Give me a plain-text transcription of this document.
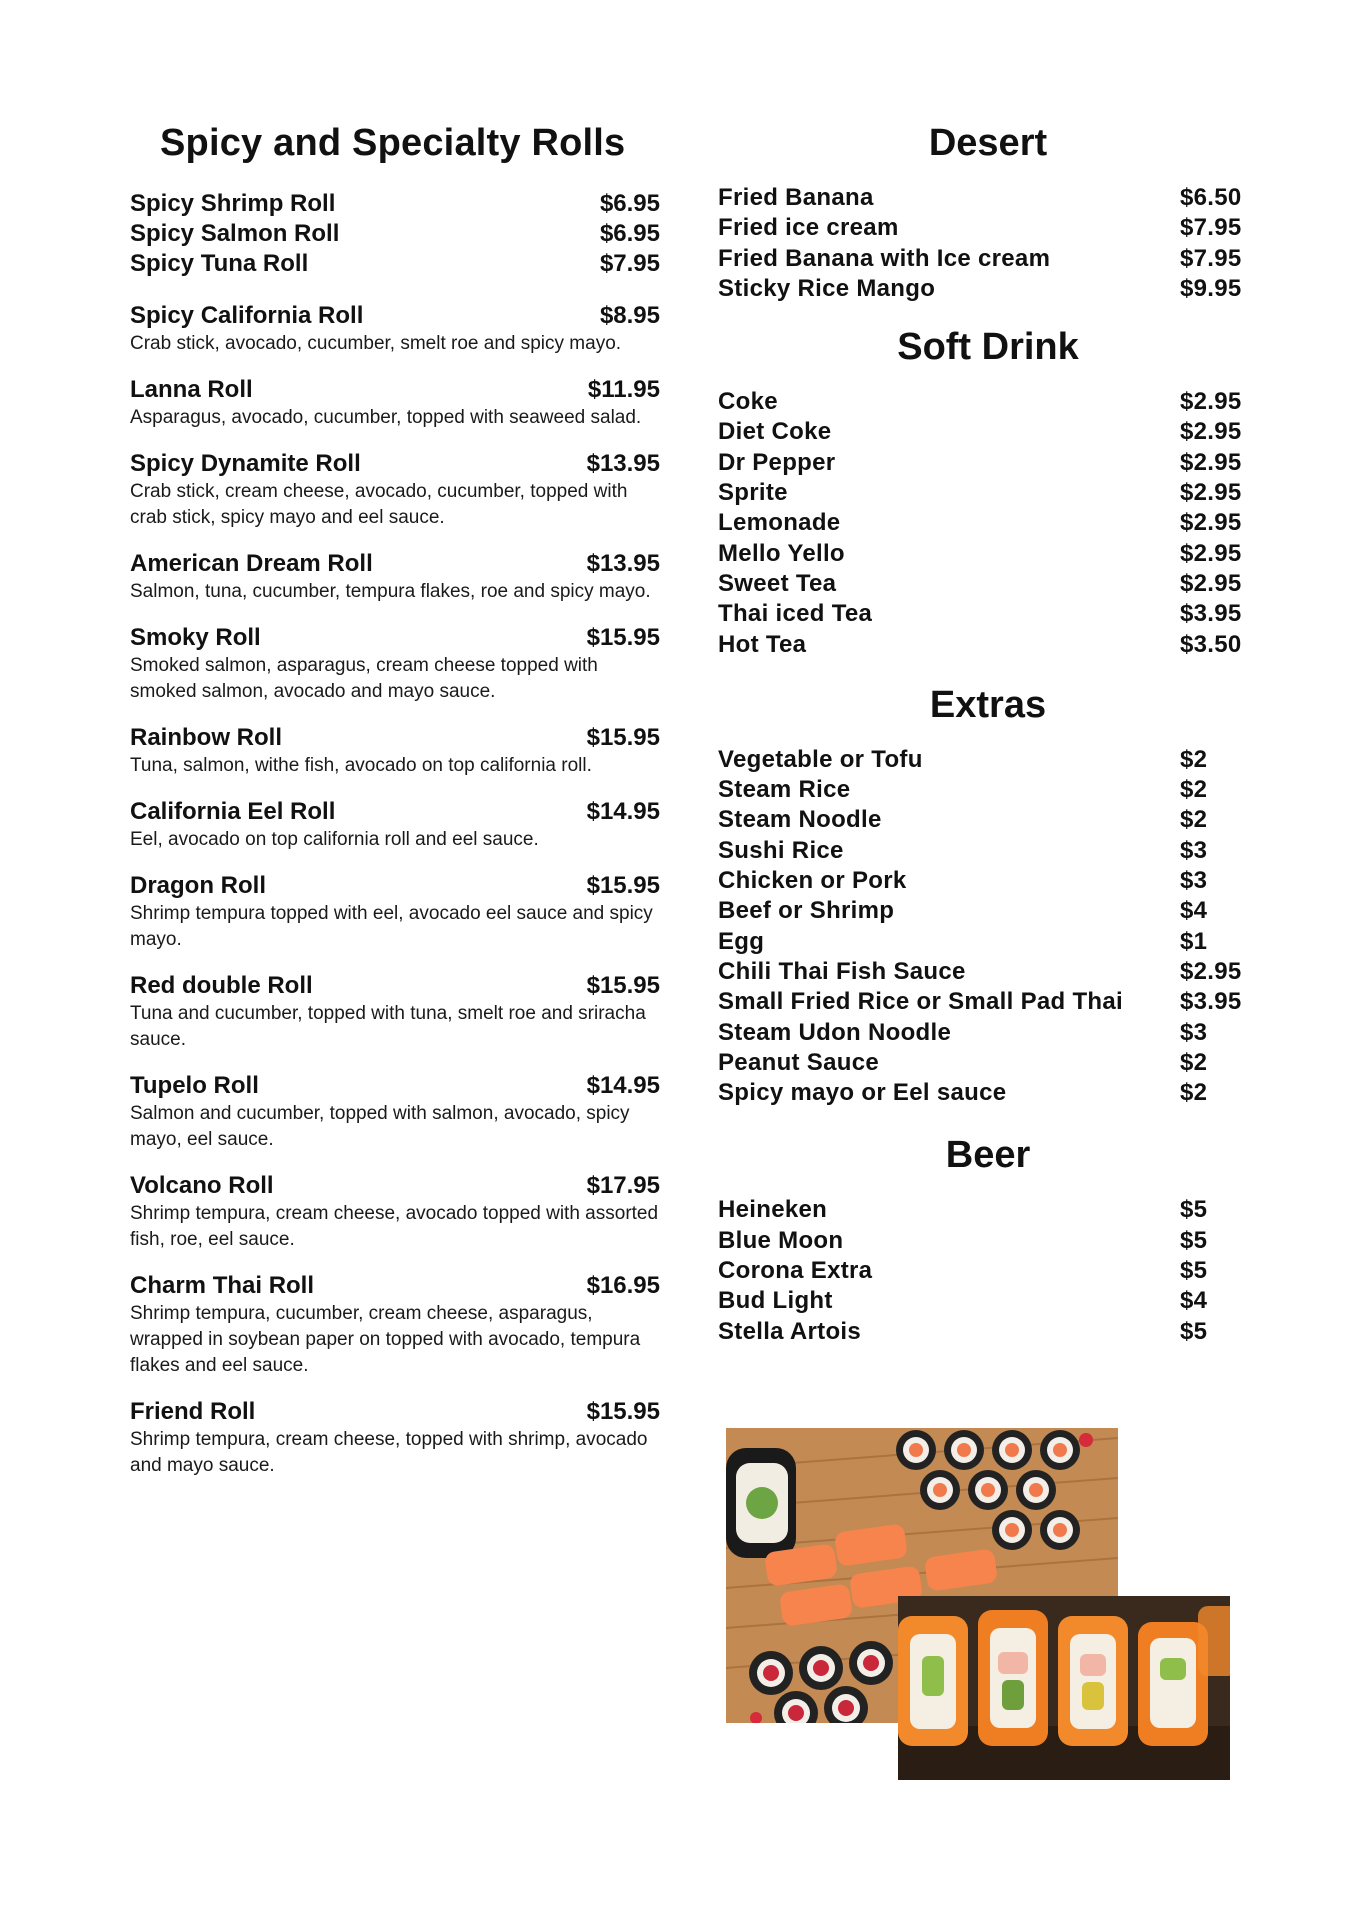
Spicy and Specialty Rolls
Spicy Shrimp Roll	$6.95
Spicy Salmon Roll	$6.95
Spicy Tuna Roll	$7.95
Spicy California Roll	$8.95
Crab stick, avocado, cucumber, smelt roe and spicy mayo.
Lanna Roll	$11.95
Asparagus, avocado, cucumber, topped with seaweed salad.
Spicy Dynamite Roll	$13.95
Crab stick, cream cheese, avocado, cucumber, topped with crab stick, spicy mayo and eel sauce.
American Dream Roll	$13.95
Salmon, tuna, cucumber, tempura flakes, roe and spicy mayo.
Smoky Roll	$15.95
Smoked salmon, asparagus, cream cheese topped with smoked salmon, avocado and mayo sauce.
Rainbow Roll	$15.95
Tuna, salmon, withe fish, avocado on top california roll.
California Eel Roll	$14.95
Eel, avocado on top california roll and eel sauce.
Dragon Roll	$15.95
Shrimp tempura topped with eel, avocado eel sauce and spicy mayo.
Red double Roll	$15.95
Tuna and cucumber, topped with tuna, smelt roe and sriracha sauce.
Tupelo Roll	$14.95
Salmon and cucumber, topped with salmon, avocado, spicy mayo, eel sauce.
Volcano Roll	$17.95
Shrimp tempura, cream cheese, avocado topped with assorted fish, roe, eel sauce.
Charm Thai Roll	$16.95
Shrimp tempura, cucumber, cream cheese, asparagus, wrapped in soybean paper on topped with avocado, tempura flakes and eel sauce.
Friend Roll	$15.95
Shrimp tempura, cream cheese, topped with shrimp, avocado and mayo sauce.
Desert
Fried Banana	$6.50
Fried ice cream	$7.95
Fried Banana with Ice cream	$7.95
Sticky Rice Mango	$9.95
Soft Drink
Coke	$2.95
Diet Coke	$2.95
Dr Pepper	$2.95
Sprite	$2.95
Lemonade	$2.95
Mello Yello	$2.95
Sweet Tea	$2.95
Thai iced Tea	$3.95
Hot Tea	$3.50
Extras
Vegetable or Tofu	$2
Steam Rice	$2
Steam Noodle	$2
Sushi Rice	$3
Chicken or Pork	$3
Beef or Shrimp	$4
Egg	$1
Chili Thai Fish Sauce	$2.95
Small Fried Rice or Small Pad Thai	$3.95
Steam Udon Noodle	$3
Peanut Sauce	$2
Spicy mayo or Eel sauce	$2
Beer
Heineken	$5
Blue Moon	$5
Corona Extra	$5
Bud Light	$4
Stella Artois	$5
